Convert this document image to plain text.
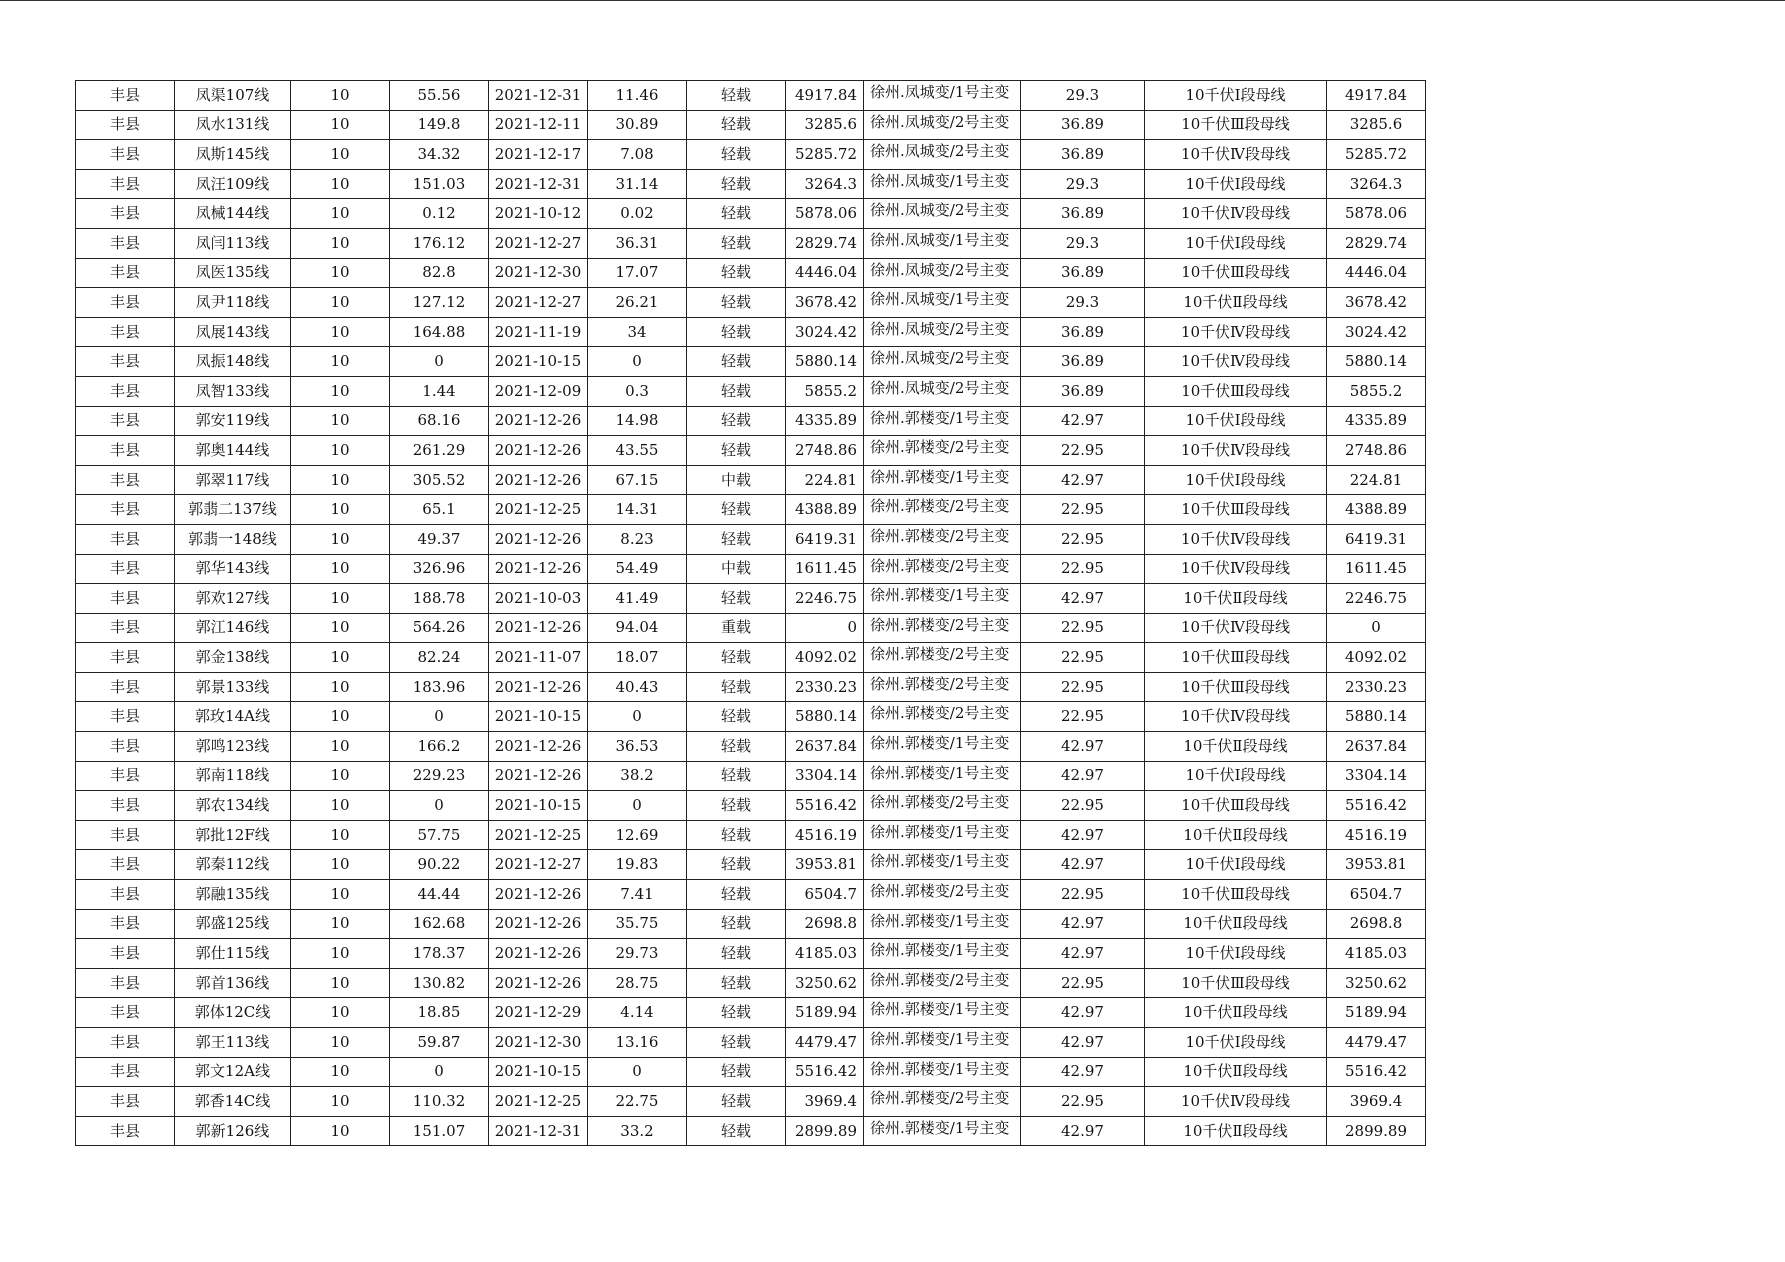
丰县	凤渠107线	10	55.56	2021-12-31	11.46	轻载	4917.84	徐州.凤城变/1号主变	29.3	10千伏Ⅰ段母线	4917.84
丰县	凤水131线	10	149.8	2021-12-11	30.89	轻载	3285.6	徐州.凤城变/2号主变	36.89	10千伏Ⅲ段母线	3285.6
丰县	凤斯145线	10	34.32	2021-12-17	7.08	轻载	5285.72	徐州.凤城变/2号主变	36.89	10千伏Ⅳ段母线	5285.72
丰县	凤汪109线	10	151.03	2021-12-31	31.14	轻载	3264.3	徐州.凤城变/1号主变	29.3	10千伏Ⅰ段母线	3264.3
丰县	凤械144线	10	0.12	2021-10-12	0.02	轻载	5878.06	徐州.凤城变/2号主变	36.89	10千伏Ⅳ段母线	5878.06
丰县	凤闫113线	10	176.12	2021-12-27	36.31	轻载	2829.74	徐州.凤城变/1号主变	29.3	10千伏Ⅰ段母线	2829.74
丰县	凤医135线	10	82.8	2021-12-30	17.07	轻载	4446.04	徐州.凤城变/2号主变	36.89	10千伏Ⅲ段母线	4446.04
丰县	凤尹118线	10	127.12	2021-12-27	26.21	轻载	3678.42	徐州.凤城变/1号主变	29.3	10千伏Ⅱ段母线	3678.42
丰县	凤展143线	10	164.88	2021-11-19	34	轻载	3024.42	徐州.凤城变/2号主变	36.89	10千伏Ⅳ段母线	3024.42
丰县	凤振148线	10	0	2021-10-15	0	轻载	5880.14	徐州.凤城变/2号主变	36.89	10千伏Ⅳ段母线	5880.14
丰县	凤智133线	10	1.44	2021-12-09	0.3	轻载	5855.2	徐州.凤城变/2号主变	36.89	10千伏Ⅲ段母线	5855.2
丰县	郭安119线	10	68.16	2021-12-26	14.98	轻载	4335.89	徐州.郭楼变/1号主变	42.97	10千伏Ⅰ段母线	4335.89
丰县	郭奥144线	10	261.29	2021-12-26	43.55	轻载	2748.86	徐州.郭楼变/2号主变	22.95	10千伏Ⅳ段母线	2748.86
丰县	郭翠117线	10	305.52	2021-12-26	67.15	中载	224.81	徐州.郭楼变/1号主变	42.97	10千伏Ⅰ段母线	224.81
丰县	郭翡二137线	10	65.1	2021-12-25	14.31	轻载	4388.89	徐州.郭楼变/2号主变	22.95	10千伏Ⅲ段母线	4388.89
丰县	郭翡一148线	10	49.37	2021-12-26	8.23	轻载	6419.31	徐州.郭楼变/2号主变	22.95	10千伏Ⅳ段母线	6419.31
丰县	郭华143线	10	326.96	2021-12-26	54.49	中载	1611.45	徐州.郭楼变/2号主变	22.95	10千伏Ⅳ段母线	1611.45
丰县	郭欢127线	10	188.78	2021-10-03	41.49	轻载	2246.75	徐州.郭楼变/1号主变	42.97	10千伏Ⅱ段母线	2246.75
丰县	郭江146线	10	564.26	2021-12-26	94.04	重载	0	徐州.郭楼变/2号主变	22.95	10千伏Ⅳ段母线	0
丰县	郭金138线	10	82.24	2021-11-07	18.07	轻载	4092.02	徐州.郭楼变/2号主变	22.95	10千伏Ⅲ段母线	4092.02
丰县	郭景133线	10	183.96	2021-12-26	40.43	轻载	2330.23	徐州.郭楼变/2号主变	22.95	10千伏Ⅲ段母线	2330.23
丰县	郭玫14A线	10	0	2021-10-15	0	轻载	5880.14	徐州.郭楼变/2号主变	22.95	10千伏Ⅳ段母线	5880.14
丰县	郭鸣123线	10	166.2	2021-12-26	36.53	轻载	2637.84	徐州.郭楼变/1号主变	42.97	10千伏Ⅱ段母线	2637.84
丰县	郭南118线	10	229.23	2021-12-26	38.2	轻载	3304.14	徐州.郭楼变/1号主变	42.97	10千伏Ⅰ段母线	3304.14
丰县	郭农134线	10	0	2021-10-15	0	轻载	5516.42	徐州.郭楼变/2号主变	22.95	10千伏Ⅲ段母线	5516.42
丰县	郭批12F线	10	57.75	2021-12-25	12.69	轻载	4516.19	徐州.郭楼变/1号主变	42.97	10千伏Ⅱ段母线	4516.19
丰县	郭秦112线	10	90.22	2021-12-27	19.83	轻载	3953.81	徐州.郭楼变/1号主变	42.97	10千伏Ⅰ段母线	3953.81
丰县	郭融135线	10	44.44	2021-12-26	7.41	轻载	6504.7	徐州.郭楼变/2号主变	22.95	10千伏Ⅲ段母线	6504.7
丰县	郭盛125线	10	162.68	2021-12-26	35.75	轻载	2698.8	徐州.郭楼变/1号主变	42.97	10千伏Ⅱ段母线	2698.8
丰县	郭仕115线	10	178.37	2021-12-26	29.73	轻载	4185.03	徐州.郭楼变/1号主变	42.97	10千伏Ⅰ段母线	4185.03
丰县	郭首136线	10	130.82	2021-12-26	28.75	轻载	3250.62	徐州.郭楼变/2号主变	22.95	10千伏Ⅲ段母线	3250.62
丰县	郭体12C线	10	18.85	2021-12-29	4.14	轻载	5189.94	徐州.郭楼变/1号主变	42.97	10千伏Ⅱ段母线	5189.94
丰县	郭王113线	10	59.87	2021-12-30	13.16	轻载	4479.47	徐州.郭楼变/1号主变	42.97	10千伏Ⅰ段母线	4479.47
丰县	郭文12A线	10	0	2021-10-15	0	轻载	5516.42	徐州.郭楼变/1号主变	42.97	10千伏Ⅱ段母线	5516.42
丰县	郭香14C线	10	110.32	2021-12-25	22.75	轻载	3969.4	徐州.郭楼变/2号主变	22.95	10千伏Ⅳ段母线	3969.4
丰县	郭新126线	10	151.07	2021-12-31	33.2	轻载	2899.89	徐州.郭楼变/1号主变	42.97	10千伏Ⅱ段母线	2899.89
